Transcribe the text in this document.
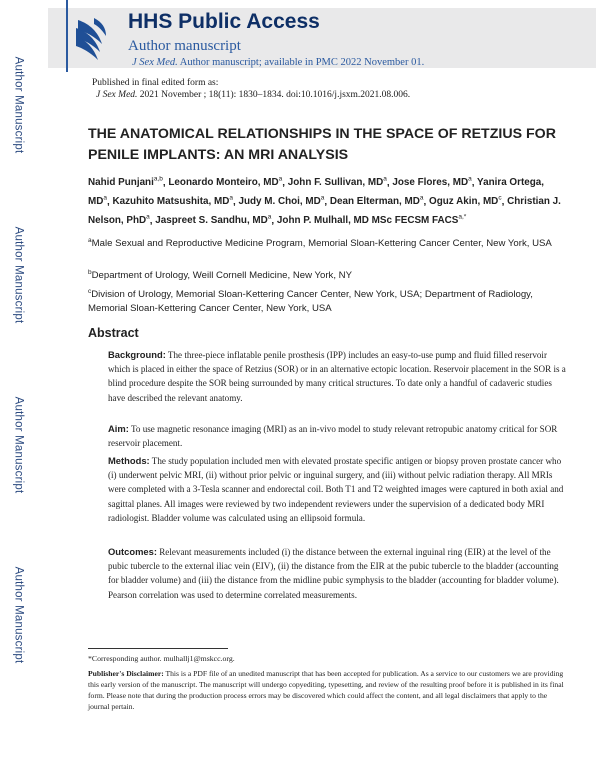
Author Manuscript
Author Manuscript
Author Manuscript
Author Manuscript
HHS Public Access
Author manuscript
J Sex Med. Author manuscript; available in PMC 2022 November 01.
Published in final edited form as:
J Sex Med. 2021 November ; 18(11): 1830–1834. doi:10.1016/j.jsxm.2021.08.006.
THE ANATOMICAL RELATIONSHIPS IN THE SPACE OF RETZIUS FOR PENILE IMPLANTS: AN MRI ANALYSIS
Nahid Punjani$^{a,b}$, Leonardo Monteiro, $MD^a$, John F. Sullivan, $MD^a$, Jose Flores, $MD^a$, Yanira Ortega, $MD^a$, Kazuhito Matsushita, $MD^a$, Judy M. Choi, $MD^a$, Dean Elterman, $MD^a$, Oguz Akin, $MD^c$, Christian J. Nelson, PhD$^a$, Jaspreet S. Sandhu, $MD^a$, John P. Mulhall, MD MSc FECSM $FACS^{a,*}$
$^a$Male Sexual and Reproductive Medicine Program, Memorial Sloan-Kettering Cancer Center, New York, USA
$^b$Department of Urology, Weill Cornell Medicine, New York, NY
$^c$Division of Urology, Memorial Sloan-Kettering Cancer Center, New York, USA; Department of Radiology, Memorial Sloan-Kettering Cancer Center, New York, USA
Abstract
Background: The three-piece inflatable penile prosthesis (IPP) includes an easy-to-use pump and fluid filled reservoir which is placed in either the space of Retzius (SOR) or in an alternative ectopic location. Reservoir placement in the SOR is a blind procedure despite the SOR being surrounded by many critical structures. To date only a handful of cadaveric studies have described the relevant anatomy.
Aim: To use magnetic resonance imaging (MRI) as an in-vivo model to study relevant retropubic anatomy critical for SOR reservoir placement.
Methods: The study population included men with elevated prostate specific antigen or biopsy proven prostate cancer who (i) underwent pelvic MRI, (ii) without prior pelvic or inguinal surgery, and (iii) without pelvic radiation therapy. All MRIs were completed with a 3-Tesla scanner and endorectal coil. Both T1 and T2 weighted images were captured in both axial and sagittal planes. All images were reviewed by two independent reviewers under the supervision of a dedicated body MRI radiologist. Bladder volume was calculated using an ellipsoid formula.
Outcomes: Relevant measurements included (i) the distance between the external inguinal ring (EIR) at the level of the pubic tubercle to the external iliac vein (EIV), (ii) the distance from the EIR at the pubic tubercle to the bladder (accounting for bladder volume) and (iii) the distance from the midline pubic symphysis to the bladder (accounting for bladder volume). Pearson correlation was used to determine correlated measurements.
*Corresponding author. mulhallj1@mskcc.org.
Publisher's Disclaimer: This is a PDF file of an unedited manuscript that has been accepted for publication. As a service to our customers we are providing this early version of the manuscript. The manuscript will undergo copyediting, typesetting, and review of the resulting proof before it is published in its final form. Please note that during the production process errors may be discovered which could affect the content, and all legal disclaimers that apply to the journal pertain.
